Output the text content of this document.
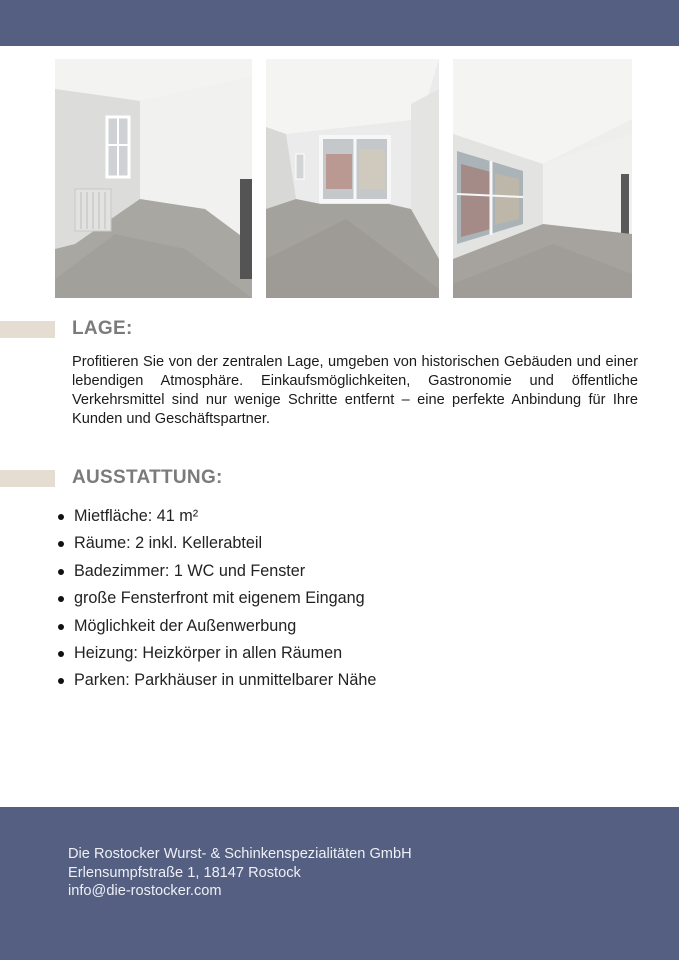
LAGE:

Profitieren Sie von der zentralen Lage, umgeben von historischen Gebäuden und einer lebendigen Atmosphäre. Einkaufsmöglichkeiten, Gastronomie und öffentliche Verkehrsmittel sind nur wenige Schritte entfernt – eine perfekte Anbindung für Ihre Kunden und Geschäftspartner.

AUSSTATTUNG:
Mietfläche: 41 m²
Räume: 2 inkl. Kellerabteil
Badezimmer: 1 WC und Fenster
große Fensterfront mit eigenem Eingang
Möglichkeit der Außenwerbung
Heizung: Heizkörper in allen Räumen
Parken: Parkhäuser in unmittelbarer Nähe
Die Rostocker Wurst- & Schinkenspezialitäten GmbH
Erlensumpfstraße 1, 18147 Rostock
info@die-rostocker.com
